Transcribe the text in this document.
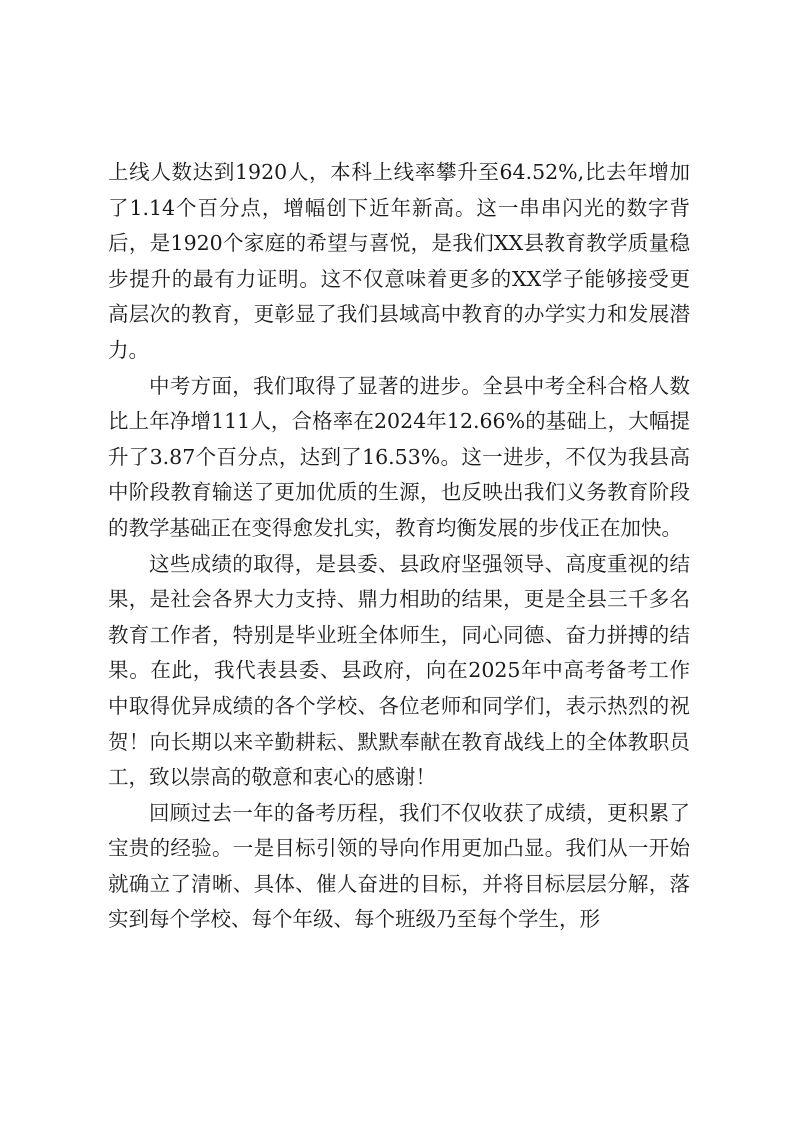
上线人数达到1920人，本科上线率攀升至64.52%,比去年增加了1.14个百分点，增幅创下近年新高。这一串串闪光的数字背后，是1920个家庭的希望与喜悦，是我们XX县教育教学质量稳步提升的最有力证明。这不仅意味着更多的XX学子能够接受更高层次的教育，更彰显了我们县域高中教育的办学实力和发展潜力。

中考方面，我们取得了显著的进步。全县中考全科合格人数比上年净增111人，合格率在2024年12.66%的基础上，大幅提升了3.87个百分点，达到了16.53%。这一进步，不仅为我县高中阶段教育输送了更加优质的生源，也反映出我们义务教育阶段的教学基础正在变得愈发扎实，教育均衡发展的步伐正在加快。

这些成绩的取得，是县委、县政府坚强领导、高度重视的结果，是社会各界大力支持、鼎力相助的结果，更是全县三千多名教育工作者，特别是毕业班全体师生，同心同德、奋力拼搏的结果。在此，我代表县委、县政府，向在2025年中高考备考工作中取得优异成绩的各个学校、各位老师和同学们，表示热烈的祝贺！向长期以来辛勤耕耘、默默奉献在教育战线上的全体教职员工，致以崇高的敬意和衷心的感谢！

回顾过去一年的备考历程，我们不仅收获了成绩，更积累了宝贵的经验。一是目标引领的导向作用更加凸显。我们从一开始就确立了清晰、具体、催人奋进的目标，并将目标层层分解，落实到每个学校、每个年级、每个班级乃至每个学生，形
